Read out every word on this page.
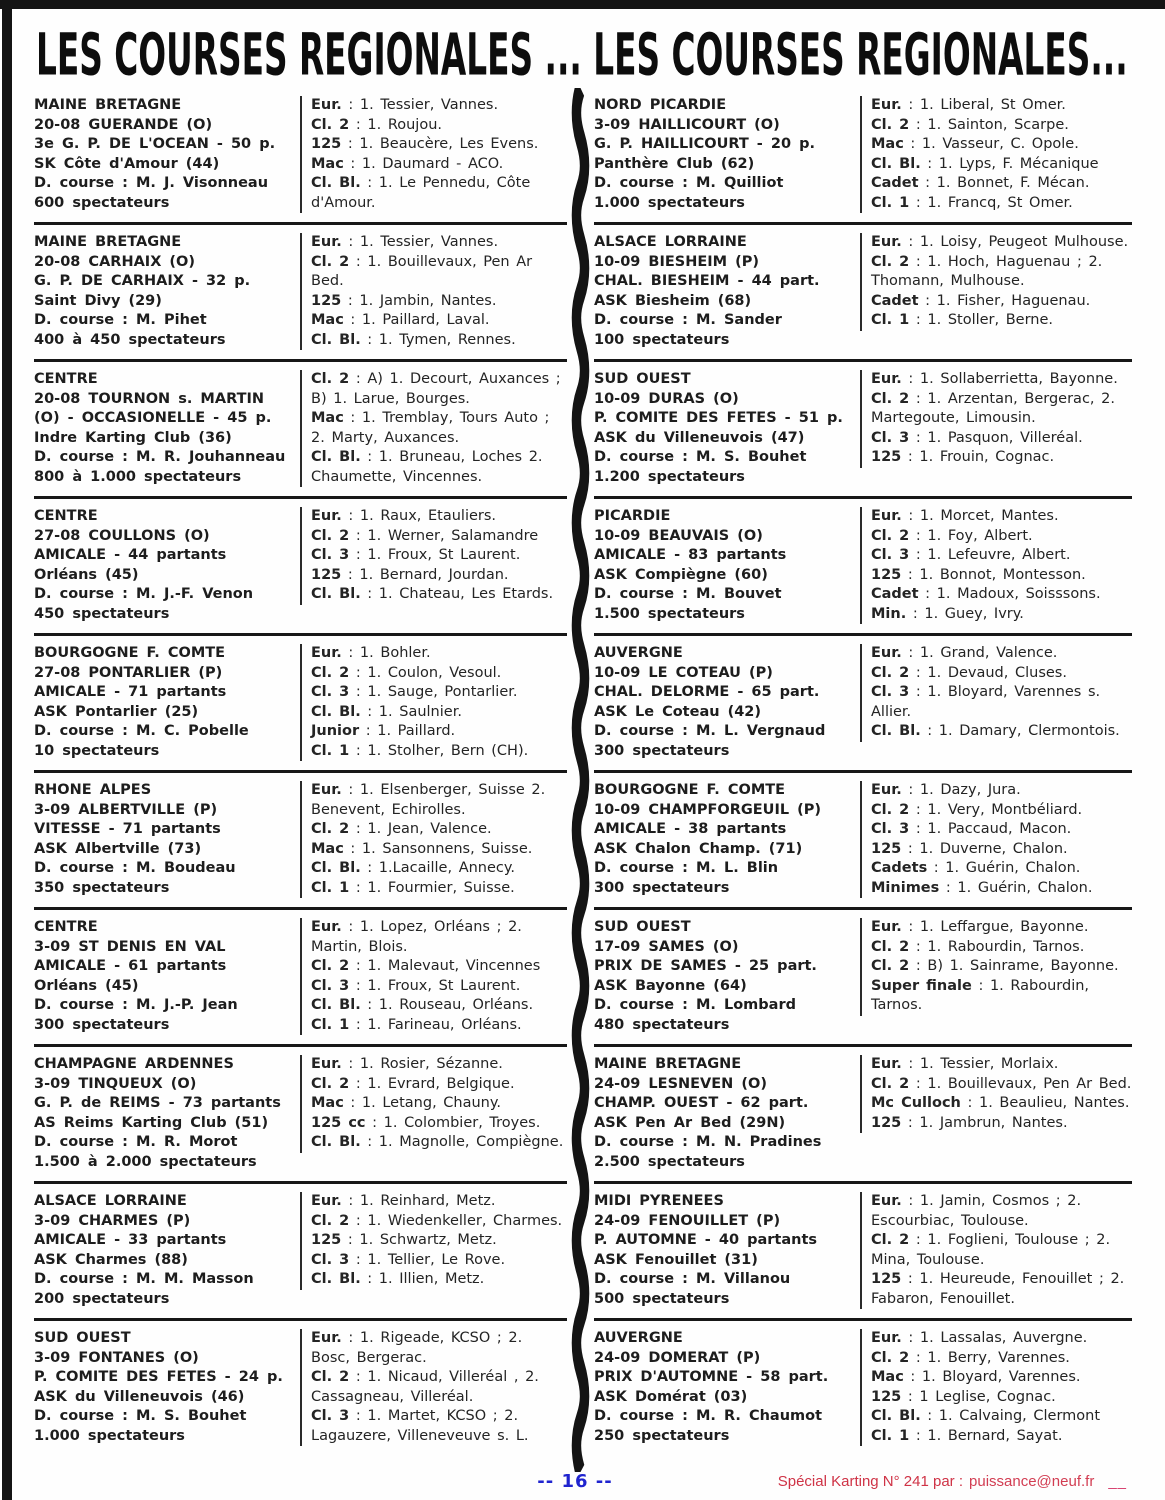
LES COURSES REGIONALES ... LES COURSES REGIONALES...
MAINE BRETAGNE
20-08 GUERANDE (O)
3e G. P. DE L'OCEAN - 50 p.
SK Côte d'Amour (44)
D. course : M. J. Visonneau
600 spectateurs

Eur. : 1. Tessier, Vannes.

Cl. 2 : 1. Roujou.

125 : 1. Beaucère, Les Evens.

Mac : 1. Daumard - ACO.

Cl. Bl. : 1. Le Pennedu, Côte d'Amour.

MAINE BRETAGNE
20-08 CARHAIX (O)
G. P. DE CARHAIX - 32 p.
Saint Divy (29)
D. course : M. Pihet
400 à 450 spectateurs

Eur. : 1. Tessier, Vannes.

Cl. 2 : 1. Bouillevaux, Pen Ar Bed.

125 : 1. Jambin, Nantes.

Mac : 1. Paillard, Laval.

Cl. Bl. : 1. Tymen, Rennes.

CENTRE
20-08 TOURNON s. MARTIN
(O) - OCCASIONELLE - 45 p.
Indre Karting Club (36)
D. course : M. R. Jouhanneau
800 à 1.000 spectateurs

Cl. 2 : A) 1. Decourt, Auxances ; B) 1. Larue, Bourges.

Mac : 1. Tremblay, Tours Auto ; 2. Marty, Auxances.

Cl. Bl. : 1. Bruneau, Loches 2. Chaumette, Vincennes.

CENTRE
27-08 COULLONS (O)
AMICALE - 44 partants
Orléans (45)
D. course : M. J.-F. Venon
450 spectateurs

Eur. : 1. Raux, Etauliers.

Cl. 2 : 1. Werner, Salamandre

Cl. 3 : 1. Froux, St Laurent.

125 : 1. Bernard, Jourdan.

Cl. Bl. : 1. Chateau, Les Etards.

BOURGOGNE F. COMTE
27-08 PONTARLIER (P)
AMICALE - 71 partants
ASK Pontarlier (25)
D. course : M. C. Pobelle
10 spectateurs

Eur. : 1. Bohler.

Cl. 2 : 1. Coulon, Vesoul.

Cl. 3 : 1. Sauge, Pontarlier.

Cl. Bl. : 1. Saulnier.

Junior : 1. Paillard.

Cl. 1 : 1. Stolher, Bern (CH).

RHONE ALPES
3-09 ALBERTVILLE (P)
VITESSE - 71 partants
ASK Albertville (73)
D. course : M. Boudeau
350 spectateurs

Eur. : 1. Elsenberger, Suisse 2. Benevent, Echirolles.

Cl. 2 : 1. Jean, Valence.

Mac : 1. Sansonnens, Suisse.

Cl. Bl. : 1.Lacaille, Annecy.

Cl. 1 : 1. Fourmier, Suisse.

CENTRE
3-09 ST DENIS EN VAL
AMICALE - 61 partants
Orléans (45)
D. course : M. J.-P. Jean
300 spectateurs

Eur. : 1. Lopez, Orléans ; 2. Martin, Blois.

Cl. 2 : 1. Malevaut, Vincennes

Cl. 3 : 1. Froux, St Laurent.

Cl. Bl. : 1. Rouseau, Orléans.

Cl. 1 : 1. Farineau, Orléans.

CHAMPAGNE ARDENNES
3-09 TINQUEUX (O)
G. P. de REIMS - 73 partants
AS Reims Karting Club (51)
D. course : M. R. Morot
1.500 à 2.000 spectateurs

Eur. : 1. Rosier, Sézanne.

Cl. 2 : 1. Evrard, Belgique.

Mac : 1. Letang, Chauny.

125 cc : 1. Colombier, Troyes.

Cl. Bl. : 1. Magnolle, Compiègne.

ALSACE LORRAINE
3-09 CHARMES (P)
AMICALE - 33 partants
ASK Charmes (88)
D. course : M. M. Masson
200 spectateurs

Eur. : 1. Reinhard, Metz.

Cl. 2 : 1. Wiedenkeller, Charmes.

125 : 1. Schwartz, Metz.

Cl. 3 : 1. Tellier, Le Rove.

Cl. Bl. : 1. Illien, Metz.

SUD OUEST
3-09 FONTANES (O)
P. COMITE DES FETES - 24 p.
ASK du Villeneuvois (46)
D. course : M. S. Bouhet
1.000 spectateurs

Eur. : 1. Rigeade, KCSO ; 2. Bosc, Bergerac.

Cl. 2 : 1. Nicaud, Villeréal , 2. Cassagneau, Villeréal.

Cl. 3 : 1. Martet, KCSO ; 2. Lagauzere, Villeneveuve s. L.

NORD PICARDIE
3-09 HAILLICOURT (O)
G. P. HAILLICOURT - 20 p.
Panthère Club (62)
D. course : M. Quilliot
1.000 spectateurs

Eur. : 1. Liberal, St Omer.

Cl. 2 : 1. Sainton, Scarpe.

Mac : 1. Vasseur, C. Opole.

Cl. Bl. : 1. Lyps, F. Mécanique

Cadet : 1. Bonnet, F. Mécan.

Cl. 1 : 1. Francq, St Omer.

ALSACE LORRAINE
10-09 BIESHEIM (P)
CHAL. BIESHEIM - 44 part.
ASK Biesheim (68)
D. course : M. Sander
100 spectateurs

Eur. : 1. Loisy, Peugeot Mulhouse.

Cl. 2 : 1. Hoch, Haguenau ; 2. Thomann, Mulhouse.

Cadet : 1. Fisher, Haguenau.

Cl. 1 : 1. Stoller, Berne.

SUD OUEST
10-09 DURAS (O)
P. COMITE DES FETES - 51 p.
ASK du Villeneuvois (47)
D. course : M. S. Bouhet
1.200 spectateurs

Eur. : 1. Sollaberrietta, Bayonne.

Cl. 2 : 1. Arzentan, Bergerac, 2. Martegoute, Limousin.

Cl. 3 : 1. Pasquon, Villeréal.

125 : 1. Frouin, Cognac.

PICARDIE
10-09 BEAUVAIS (O)
AMICALE - 83 partants
ASK Compiègne (60)
D. course : M. Bouvet
1.500 spectateurs

Eur. : 1. Morcet, Mantes.

Cl. 2 : 1. Foy, Albert.

Cl. 3 : 1. Lefeuvre, Albert.

125 : 1. Bonnot, Montesson.

Cadet : 1. Madoux, Soisssons.

Min. : 1. Guey, Ivry.

AUVERGNE
10-09 LE COTEAU (P)
CHAL. DELORME - 65 part.
ASK Le Coteau (42)
D. course : M. L. Vergnaud
300 spectateurs

Eur. : 1. Grand, Valence.

Cl. 2 : 1. Devaud, Cluses.

Cl. 3 : 1. Bloyard, Varennes s. Allier.

Cl. Bl. : 1. Damary, Clermontois.

BOURGOGNE F. COMTE
10-09 CHAMPFORGEUIL (P)
AMICALE - 38 partants
ASK Chalon Champ. (71)
D. course : M. L. Blin
300 spectateurs

Eur. : 1. Dazy, Jura.

Cl. 2 : 1. Very, Montbéliard.

Cl. 3 : 1. Paccaud, Macon.

125 : 1. Duverne, Chalon.

Cadets : 1. Guérin, Chalon.

Minimes : 1. Guérin, Chalon.

SUD OUEST
17-09 SAMES (O)
PRIX DE SAMES - 25 part.
ASK Bayonne (64)
D. course : M. Lombard
480 spectateurs

Eur. : 1. Leffargue, Bayonne.

Cl. 2 : 1. Rabourdin, Tarnos.

Cl. 2 : B) 1. Sainrame, Bayonne.

Super finale : 1. Rabourdin, Tarnos.

MAINE BRETAGNE
24-09 LESNEVEN (O)
CHAMP. OUEST - 62 part.
ASK Pen Ar Bed (29N)
D. course : M. N. Pradines
2.500 spectateurs

Eur. : 1. Tessier, Morlaix.

Cl. 2 : 1. Bouillevaux, Pen Ar Bed.

Mc Culloch : 1. Beaulieu, Nantes.

125 : 1. Jambrun, Nantes.

MIDI PYRENEES
24-09 FENOUILLET (P)
P. AUTOMNE - 40 partants
ASK Fenouillet (31)
D. course : M. Villanou
500 spectateurs

Eur. : 1. Jamin, Cosmos ; 2. Escourbiac, Toulouse.

Cl. 2 : 1. Foglieni, Toulouse ; 2. Mina, Toulouse.

125 : 1. Heureude, Fenouillet ; 2. Fabaron, Fenouillet.

AUVERGNE
24-09 DOMERAT (P)
PRIX D'AUTOMNE - 58 part.
ASK Domérat (03)
D. course : M. R. Chaumot
250 spectateurs

Eur. : 1. Lassalas, Auvergne.

Cl. 2 : 1. Berry, Varennes.

Mac : 1. Bloyard, Varennes.

125 : 1 Leglise, Cognac.

Cl. Bl. : 1. Calvaing, Clermont

Cl. 1 : 1. Bernard, Sayat.

-- 16 --	Spécial Karting N° 241 par : puissance@neuf.fr __
